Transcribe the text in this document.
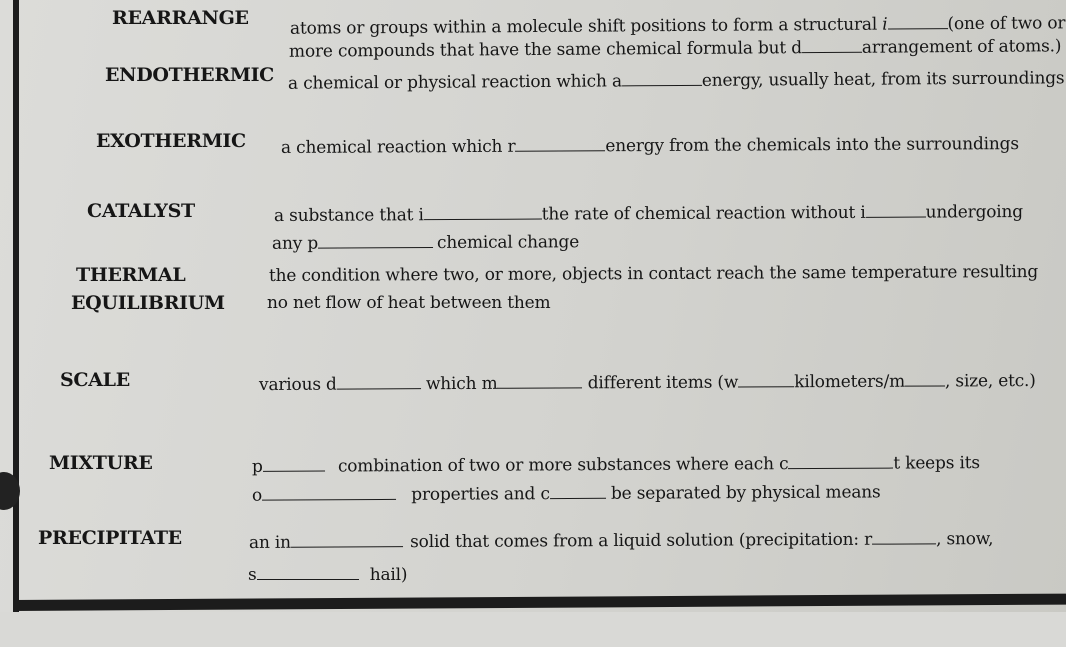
REARRANGE atoms or groups within a molecule shift positions to form a structural i	(one of two or
more compounds that have the same chemical formula but d	arrangement of atoms.)
ENDOTHERMIC a chemical or physical reaction which a	energy, usually heat, from its surroundings
EXOTHERMIC a chemical reaction which r	energy from the chemicals into the surroundings
CATALYST	a substance that i	the rate of chemical reaction without i	undergoing
any p	chemical change
THERMAL
EQUILIBRIUM
the condition where two, or more, objects in contact reach the same temperature resulting
no net flow of heat between them
SCALE	various d	which m	different items (w	kilometers/m , size, etc.)
MIXTURE	p	combination of two or more substances where each c	t keeps its
o	properties and c	be separated by physical means
PRECIPITATE	an in	solid that comes from a liquid solution (precipitation: r	, snow,
s	hail)
